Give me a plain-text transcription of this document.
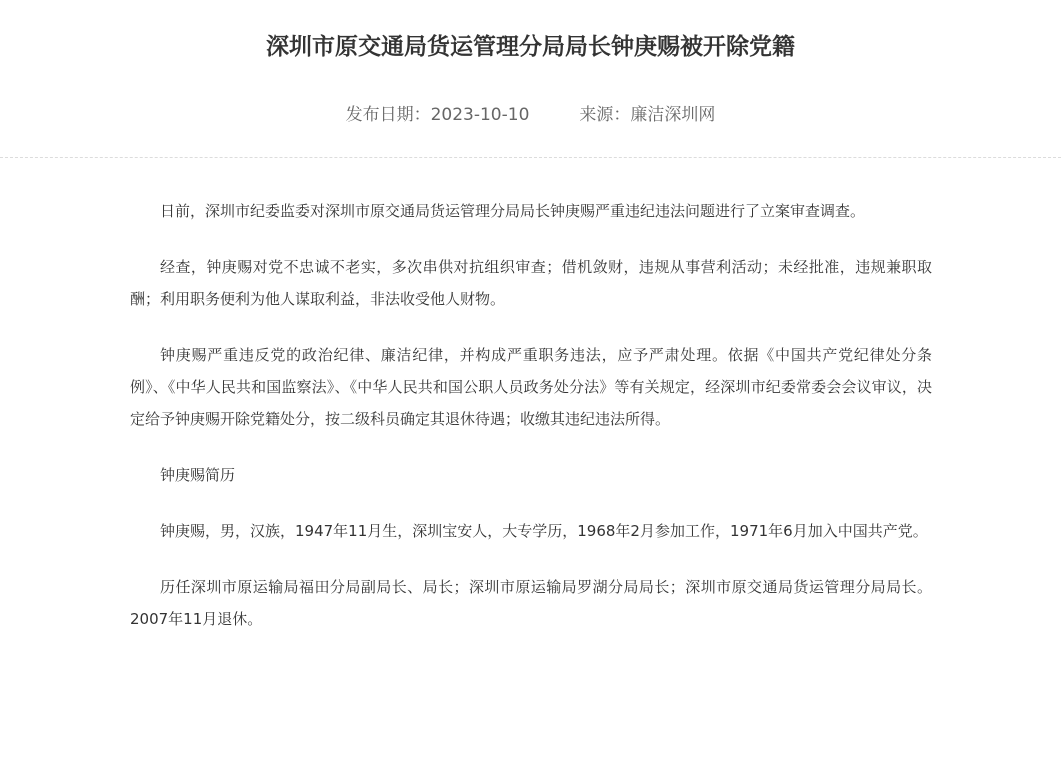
深圳市原交通局货运管理分局局长钟庚赐被开除党籍
发布日期：2023-10-10	来源：廉洁深圳网

日前，深圳市纪委监委对深圳市原交通局货运管理分局局长钟庚赐严重违纪违法问题进行了立案审查调查。

经查，钟庚赐对党不忠诚不老实，多次串供对抗组织审查；借机敛财，违规从事营利活动；未经批准，违规兼职取酬；利用职务便利为他人谋取利益，非法收受他人财物。

钟庚赐严重违反党的政治纪律、廉洁纪律，并构成严重职务违法，应予严肃处理。依据《中国共产党纪律处分条例》、《中华人民共和国监察法》、《中华人民共和国公职人员政务处分法》等有关规定，经深圳市纪委常委会会议审议，决定给予钟庚赐开除党籍处分，按二级科员确定其退休待遇；收缴其违纪违法所得。

钟庚赐简历

钟庚赐，男，汉族，1947年11月生，深圳宝安人，大专学历，1968年2月参加工作，1971年6月加入中国共产党。

历任深圳市原运输局福田分局副局长、局长；深圳市原运输局罗湖分局局长；深圳市原交通局货运管理分局局长。2007年11月退休。
